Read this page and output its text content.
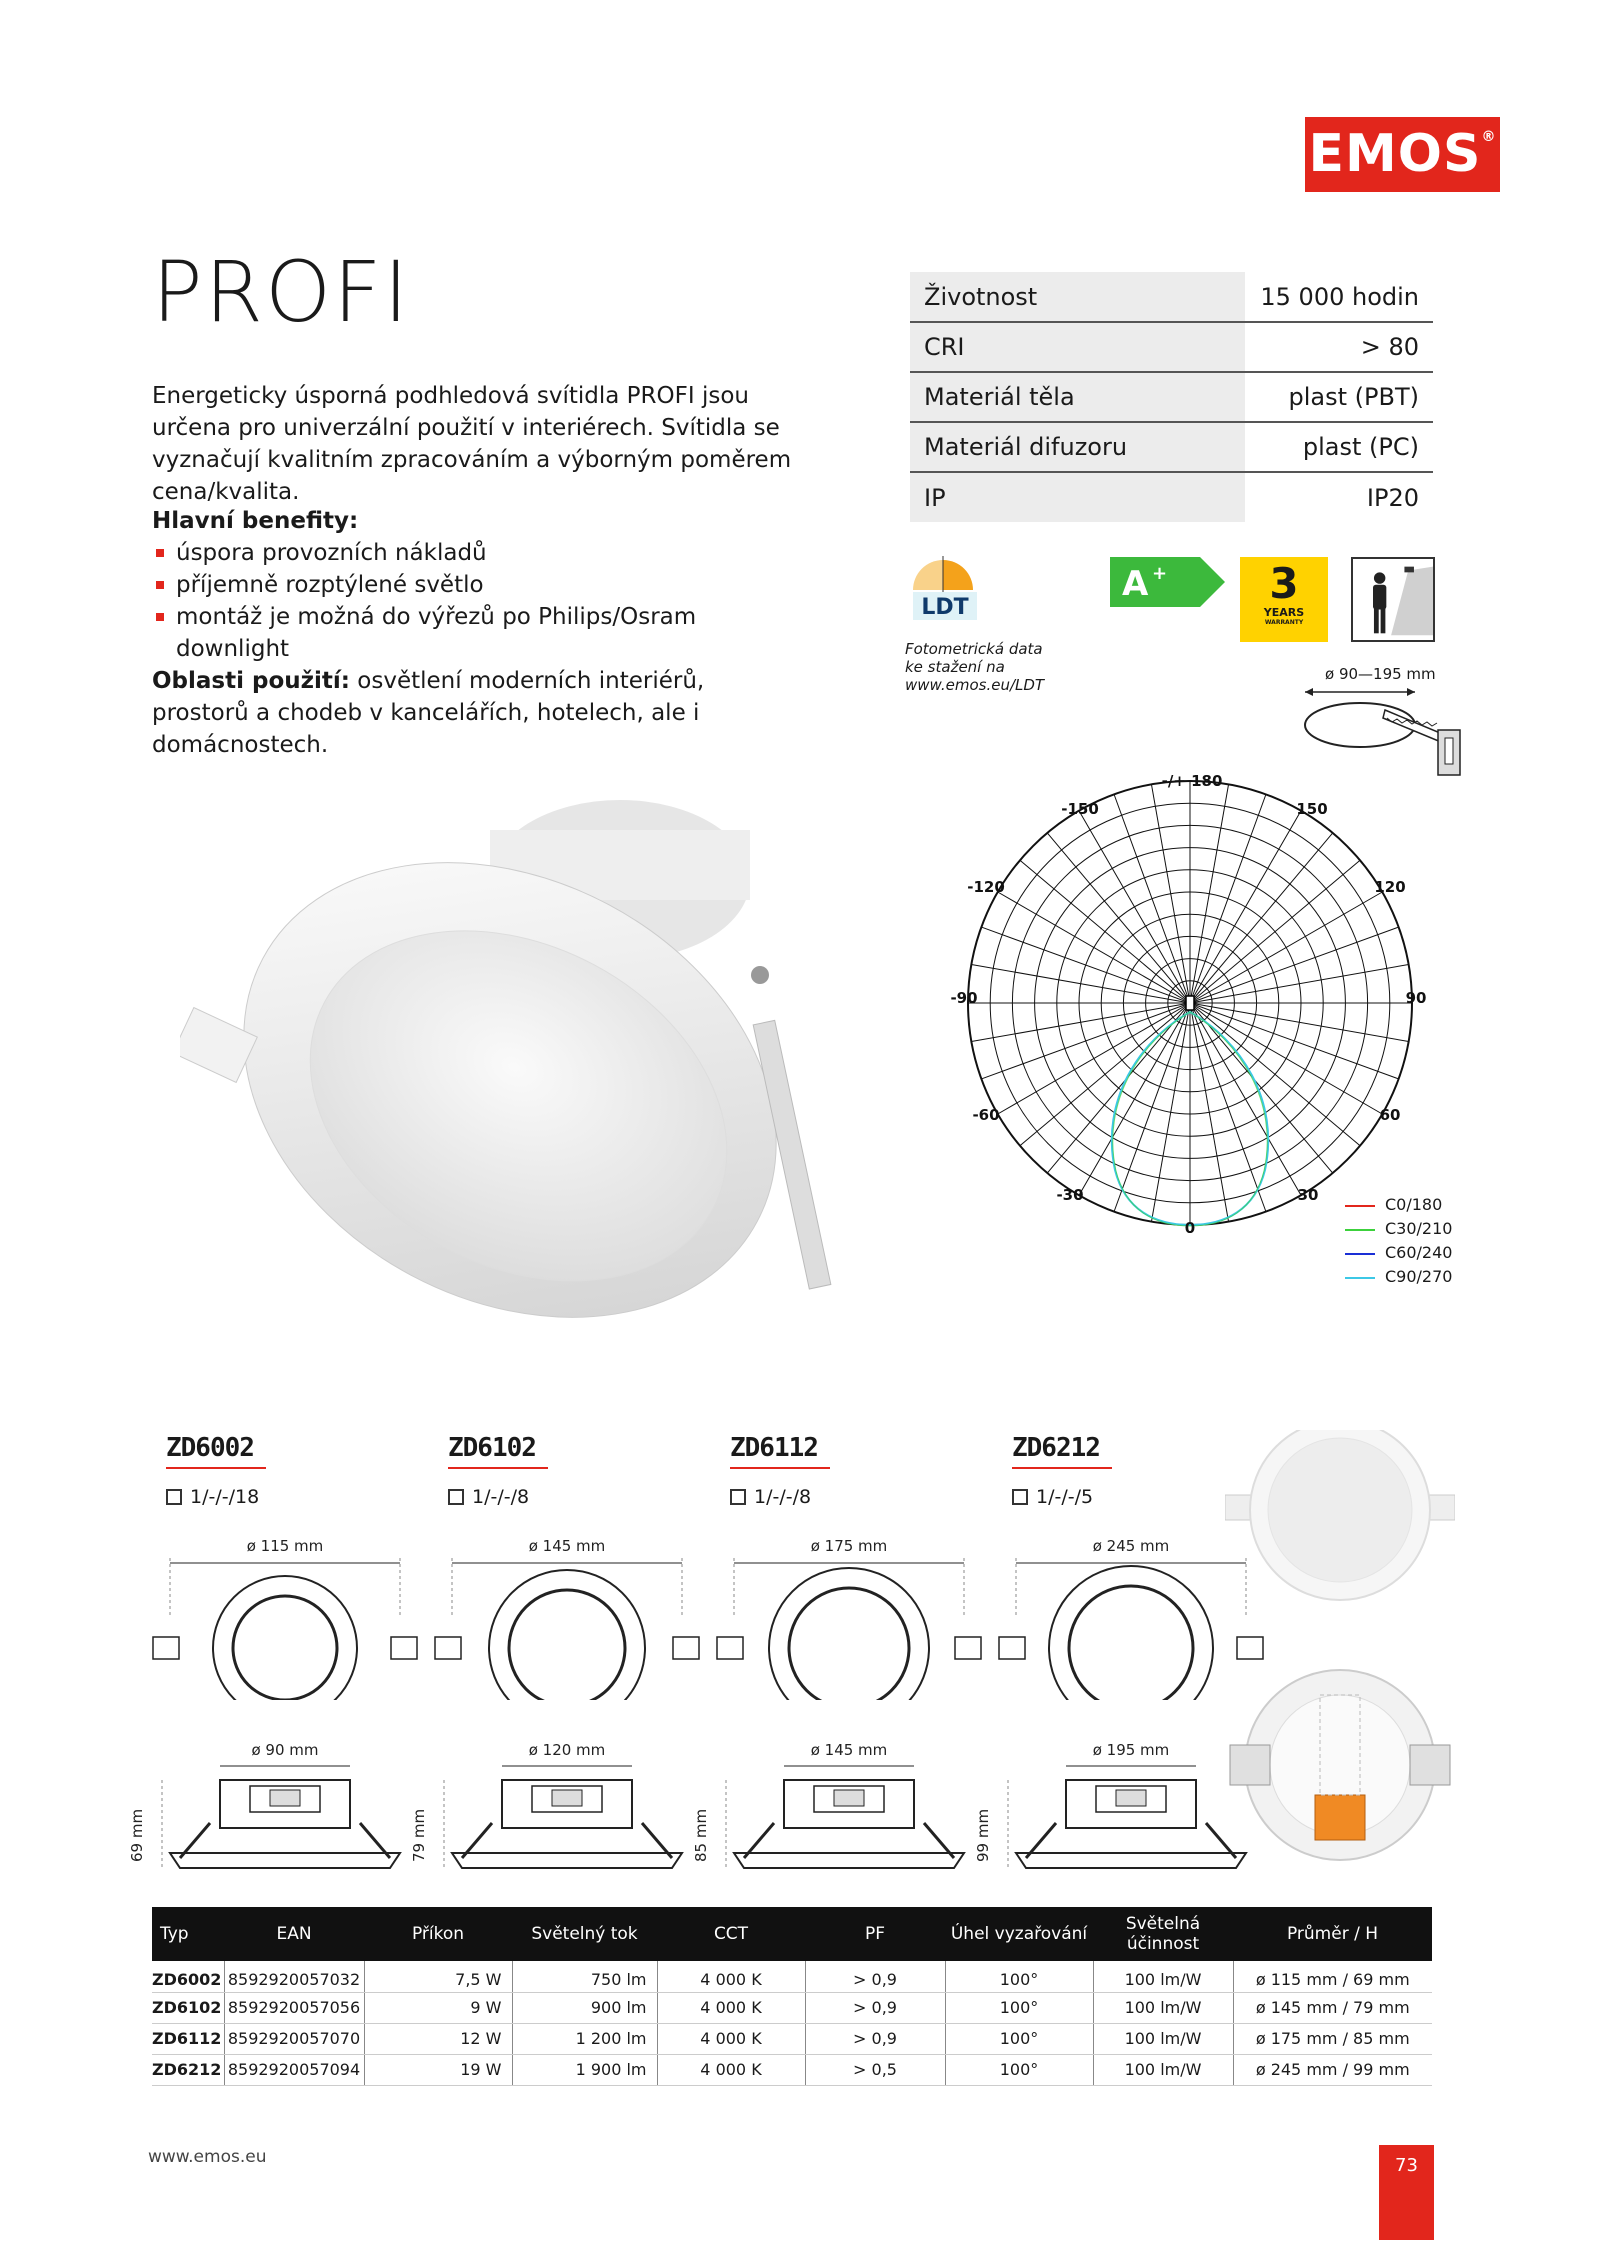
EMOS®
PROFI

Energeticky úsporná podhledová svítidla PROFI jsou určena pro univerzální použití v interiérech. Svítidla se vyznačují kvalitním zpracováním a výborným poměrem cena/kvalita.

Hlavní benefity:
úspora provozních nákladů
příjemně rozptýlené světlo
montáž je možná do výřezů po Philips/Osram downlight

Oblasti použití: osvětlení moderních interiérů, prostorů a chodeb v kancelářích, hotelech, ale i domácnostech.

Životnost	15 000 hodin
CRI	> 80
Materiál těla	plast (PBT)
Materiál difuzoru	plast (PC)
IP	IP20
LDT
Fotometrická data ke stažení na www.emos.eu/LDT
A +	3
YEARS
WARRANTY
ø 90—195 mm
-/+ 180
-150	150
-120	120
-90	90
-60	60
-30	30
0
C0/180
C30/210
C60/240
C90/270
ZD6002
1/-/-/18
ø 115 mm
ø 90 mm
69 mm
ZD6102
1/-/-/8
ø 145 mm
ø 120 mm
79 mm
ZD6112
1/-/-/8
ø 175 mm
ø 145 mm
85 mm
ZD6212
1/-/-/5
ø 245 mm
ø 195 mm
99 mm
Typ	EAN	Příkon	Světelný tok	CCT	PF	Úhel vyzařování	Světelná účinnost	Průměr / H
ZD6002	8592920057032	7,5 W	750 lm	4 000 K	> 0,9	100°	100 lm/W	ø 115 mm / 69 mm
ZD6102	8592920057056	9 W	900 lm	4 000 K	> 0,9	100°	100 lm/W	ø 145 mm / 79 mm
ZD6112	8592920057070	12 W	1 200 lm	4 000 K	> 0,9	100°	100 lm/W	ø 175 mm / 85 mm
ZD6212	8592920057094	19 W	1 900 lm	4 000 K	> 0,5	100°	100 lm/W	ø 245 mm / 99 mm
www.emos.eu	73
